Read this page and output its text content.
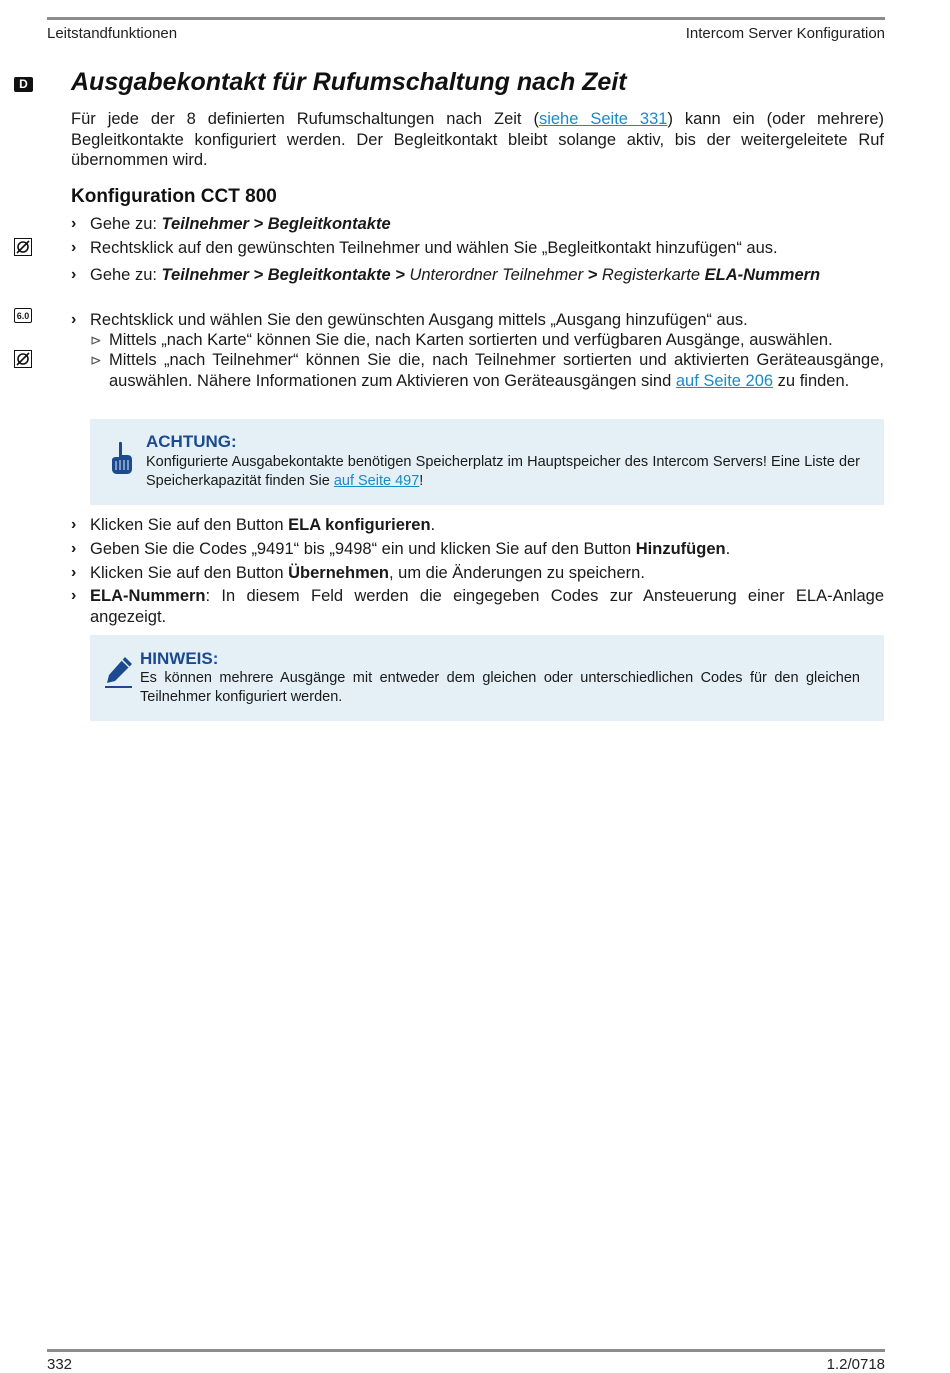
Leitstandfunktionen	Intercom Server Konfiguration
D
6.0
Ausgabekontakt für Rufumschaltung nach Zeit

Für jede der 8 definierten Rufumschaltungen nach Zeit (siehe Seite 331) kann ein (oder mehrere) Begleitkontakte konfiguriert werden. Der Begleitkontakt bleibt solange aktiv, bis der weitergeleitete Ruf übernommen wird.

Konfiguration CCT 800
› Gehe zu: Teilnehmer > Begleitkontakte
› Rechtsklick auf den gewünschten Teilnehmer und wählen Sie „Begleitkontakt hinzufügen“ aus.
› Gehe zu: Teilnehmer > Begleitkontakte > Unterordner Teilnehmer > Registerkarte ELA-Nummern
› Rechtsklick und wählen Sie den gewünschten Ausgang mittels „Ausgang hinzufügen“ aus.
⊳ Mittels „nach Karte“ können Sie die, nach Karten sortierten und verfügbaren Ausgänge, auswählen.
⊳ Mittels „nach Teilnehmer“ können Sie die, nach Teilnehmer sortierten und aktivierten Geräteausgänge, auswählen. Nähere Informationen zum Aktivieren von Geräteausgängen sind auf Seite 206 zu finden.
ACHTUNG:
Konfigurierte Ausgabekontakte benötigen Speicherplatz im Hauptspeicher des Intercom Servers! Eine Liste der Speicherkapazität finden Sie auf Seite 497!
› Klicken Sie auf den Button ELA konfigurieren.
› Geben Sie die Codes „9491“ bis „9498“ ein und klicken Sie auf den Button Hinzufügen.
› Klicken Sie auf den Button Übernehmen, um die Änderungen zu speichern.
› ELA-Nummern: In diesem Feld werden die eingegeben Codes zur Ansteuerung einer ELA-Anlage angezeigt.
HINWEIS:
Es können mehrere Ausgänge mit entweder dem gleichen oder unterschiedlichen Codes für den gleichen Teilnehmer konfiguriert werden.
332	1.2/0718
